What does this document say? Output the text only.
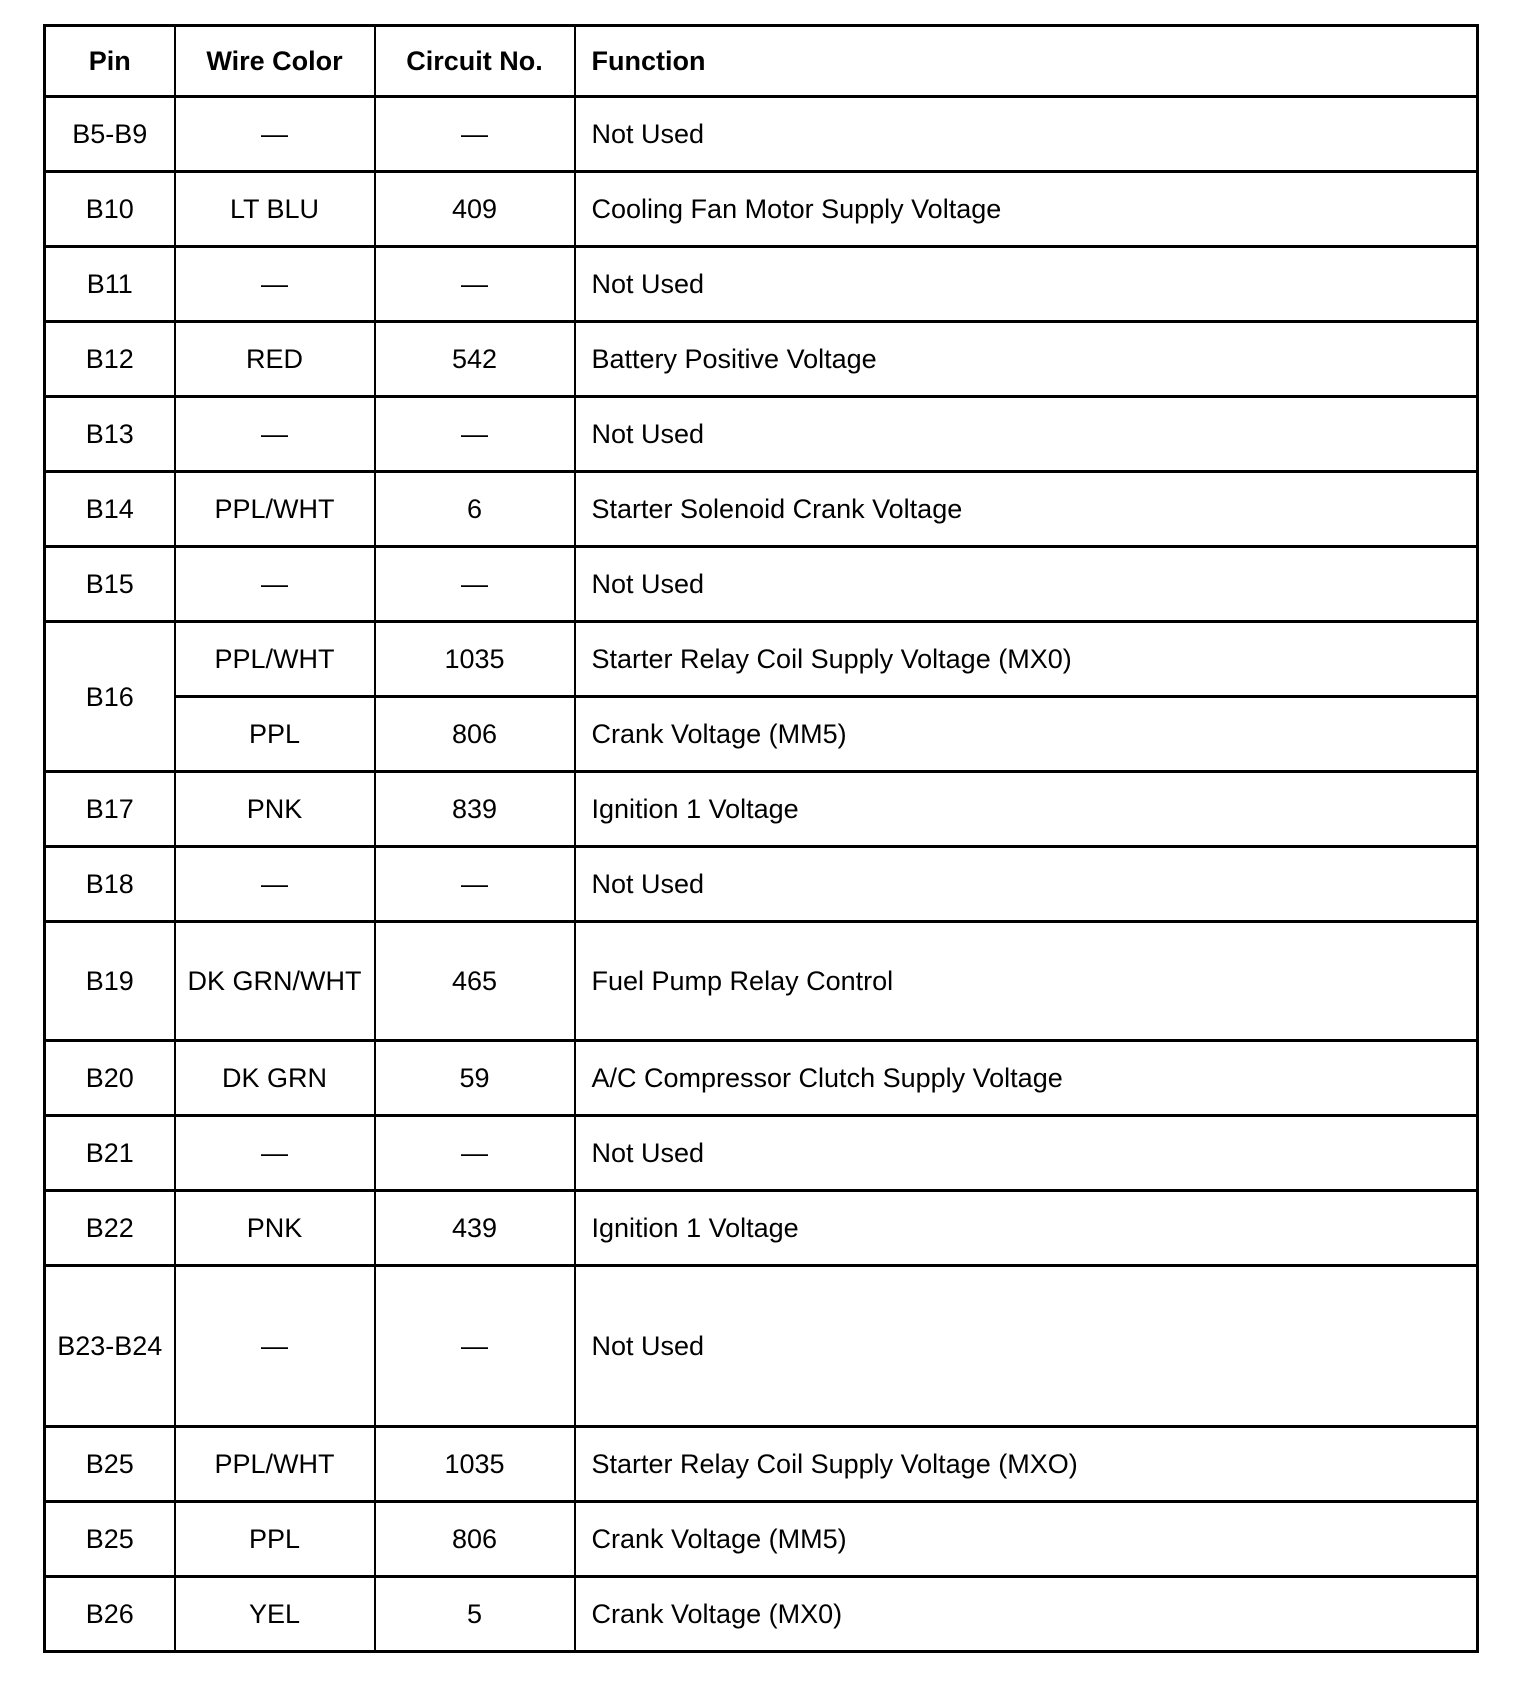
Pin	Wire Color	Circuit No.	Function
B5-B9	—	—	Not Used
B10	LT BLU	409	Cooling Fan Motor Supply Voltage
B11	—	—	Not Used
B12	RED	542	Battery Positive Voltage
B13	—	—	Not Used
B14	PPL/WHT	6	Starter Solenoid Crank Voltage
B15	—	—	Not Used
B16	PPL/WHT	1035	Starter Relay Coil Supply Voltage (MX0)
	PPL	806	Crank Voltage (MM5)
B17	PNK	839	Ignition 1 Voltage
B18	—	—	Not Used
B19	DK GRN/WHT	465	Fuel Pump Relay Control
B20	DK GRN	59	A/C Compressor Clutch Supply Voltage
B21	—	—	Not Used
B22	PNK	439	Ignition 1 Voltage
B23-B24	—	—	Not Used
B25	PPL/WHT	1035	Starter Relay Coil Supply Voltage (MXO)
B25	PPL	806	Crank Voltage (MM5)
B26	YEL	5	Crank Voltage (MX0)
